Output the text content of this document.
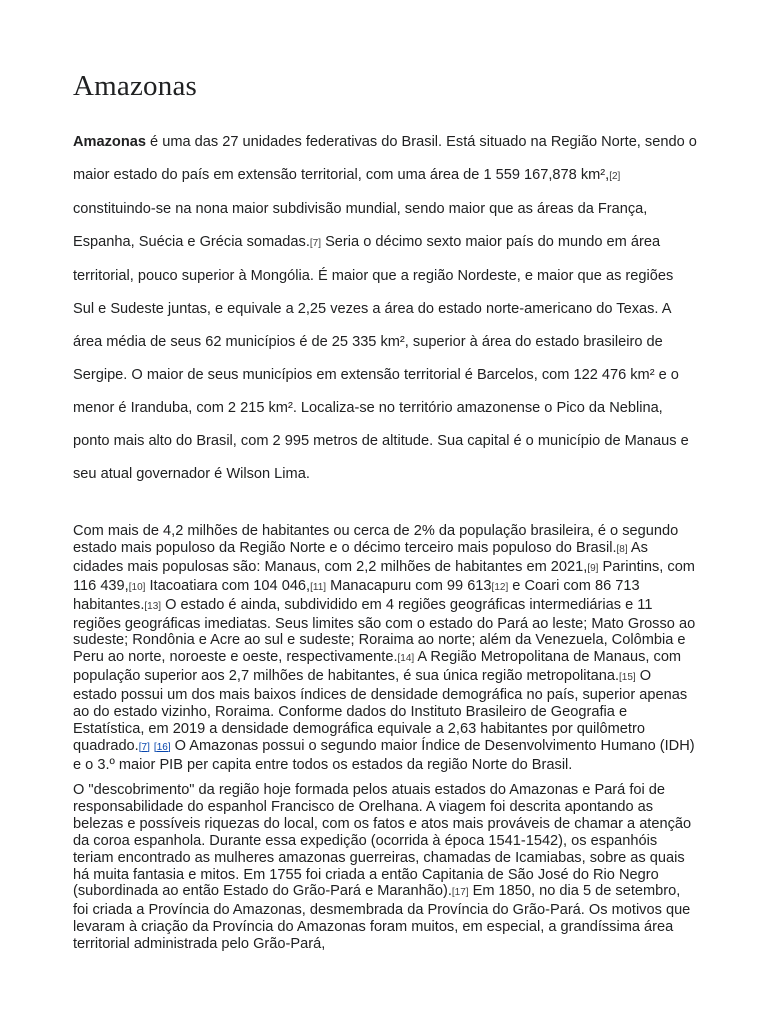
Amazonas

Amazonas é uma das 27 unidades federativas do Brasil. Está situado na Região Norte, sendo o maior estado do país em extensão territorial, com uma área de 1 559 167,878 km²,[2] constituindo-se na nona maior subdivisão mundial, sendo maior que as áreas da França, Espanha, Suécia e Grécia somadas.[7] Seria o décimo sexto maior país do mundo em área territorial, pouco superior à Mongólia. É maior que a região Nordeste, e maior que as regiões Sul e Sudeste juntas, e equivale a 2,25 vezes a área do estado norte-americano do Texas. A área média de seus 62 municípios é de 25 335 km², superior à área do estado brasileiro de Sergipe. O maior de seus municípios em extensão territorial é Barcelos, com 122 476 km² e o menor é Iranduba, com 2 215 km². Localiza-se no território amazonense o Pico da Neblina, ponto mais alto do Brasil, com 2 995 metros de altitude. Sua capital é o município de Manaus e seu atual governador é Wilson Lima.

Com mais de 4,2 milhões de habitantes ou cerca de 2% da população brasileira, é o segundo estado mais populoso da Região Norte e o décimo terceiro mais populoso do Brasil.[8] As cidades mais populosas são: Manaus, com 2,2 milhões de habitantes em 2021,[9] Parintins, com 116 439,[10] Itacoatiara com 104 046,[11] Manacapuru com 99 613[12] e Coari com 86 713 habitantes.[13] O estado é ainda, subdividido em 4 regiões geográficas intermediárias e 11 regiões geográficas imediatas. Seus limites são com o estado do Pará ao leste; Mato Grosso ao sudeste; Rondônia e Acre ao sul e sudeste; Roraima ao norte; além da Venezuela, Colômbia e Peru ao norte, noroeste e oeste, respectivamente.[14] A Região Metropolitana de Manaus, com população superior aos 2,7 milhões de habitantes, é sua única região metropolitana.[15] O estado possui um dos mais baixos índices de densidade demográfica no país, superior apenas ao do estado vizinho, Roraima. Conforme dados do Instituto Brasileiro de Geografia e Estatística, em 2019 a densidade demográfica equivale a 2,63 habitantes por quilômetro quadrado.[7] [16] O Amazonas possui o segundo maior Índice de Desenvolvimento Humano (IDH) e o 3.º maior PIB per capita entre todos os estados da região Norte do Brasil.

O "descobrimento" da região hoje formada pelos atuais estados do Amazonas e Pará foi de responsabilidade do espanhol Francisco de Orelhana. A viagem foi descrita apontando as belezas e possíveis riquezas do local, com os fatos e atos mais prováveis de chamar a atenção da coroa espanhola. Durante essa expedição (ocorrida à época 1541-1542), os espanhóis teriam encontrado as mulheres amazonas guerreiras, chamadas de Icamiabas, sobre as quais há muita fantasia e mitos. Em 1755 foi criada a então Capitania de São José do Rio Negro (subordinada ao então Estado do Grão-Pará e Maranhão).[17] Em 1850, no dia 5 de setembro, foi criada a Província do Amazonas, desmembrada da Província do Grão-Pará. Os motivos que levaram à criação da Província do Amazonas foram muitos, em especial, a grandíssima área territorial administrada pelo Grão-Pará,
